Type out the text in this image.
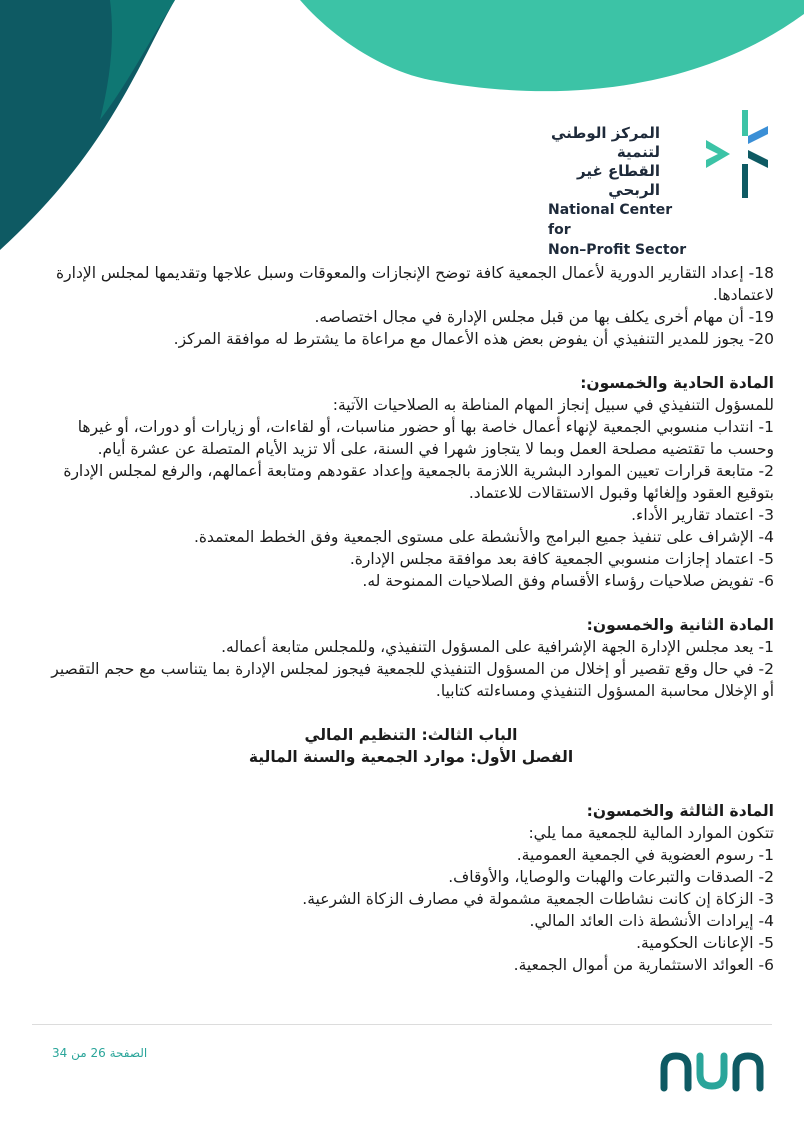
المركز الوطني لتنمية
القطاع غير الربحي
National Center for
Non–Profit Sector

18- إعداد التقارير الدورية لأعمال الجمعية كافة توضح الإنجازات والمعوقات وسبل علاجها وتقديمها لمجلس الإدارة لاعتمادها.

19- أن مهام أخرى يكلف بها من قبل مجلس الإدارة في مجال اختصاصه.

20- يجوز للمدير التنفيذي أن يفوض بعض هذه الأعمال مع مراعاة ما يشترط له موافقة المركز.

المادة الحادية والخمسون:

للمسؤول التنفيذي في سبيل إنجاز المهام المناطة به الصلاحيات الآتية:

1- انتداب منسوبي الجمعية لإنهاء أعمال خاصة بها أو حضور مناسبات، أو لقاءات، أو زيارات أو دورات، أو غيرها وحسب ما تقتضيه مصلحة العمل وبما لا يتجاوز شهرا في السنة، على ألا تزيد الأيام المتصلة عن عشرة أيام.

2- متابعة قرارات تعيين الموارد البشرية اللازمة بالجمعية وإعداد عقودهم ومتابعة أعمالهم، والرفع لمجلس الإدارة بتوقيع العقود وإلغائها وقبول الاستقالات للاعتماد.

3- اعتماد تقارير الأداء.

4- الإشراف على تنفيذ جميع البرامج والأنشطة على مستوى الجمعية وفق الخطط المعتمدة.

5- اعتماد إجازات منسوبي الجمعية كافة بعد موافقة مجلس الإدارة.

6- تفويض صلاحيات رؤساء الأقسام وفق الصلاحيات الممنوحة له.

المادة الثانية والخمسون:

1- يعد مجلس الإدارة الجهة الإشرافية على المسؤول التنفيذي، وللمجلس متابعة أعماله.

2- في حال وقع تقصير أو إخلال من المسؤول التنفيذي للجمعية فيجوز لمجلس الإدارة بما يتناسب مع حجم التقصير أو الإخلال محاسبة المسؤول التنفيذي ومساءلته كتابيا.

الباب الثالث: التنظيم المالي

الفصل الأول: موارد الجمعية والسنة المالية

المادة الثالثة والخمسون:

تتكون الموارد المالية للجمعية مما يلي:

1- رسوم العضوية في الجمعية العمومية.

2- الصدقات والتبرعات والهبات والوصايا، والأوقاف.

3- الزكاة إن كانت نشاطات الجمعية مشمولة في مصارف الزكاة الشرعية.

4- إيرادات الأنشطة ذات العائد المالي.

5- الإعانات الحكومية.

6- العوائد الاستثمارية من أموال الجمعية.

الصفحة 26 من 34
